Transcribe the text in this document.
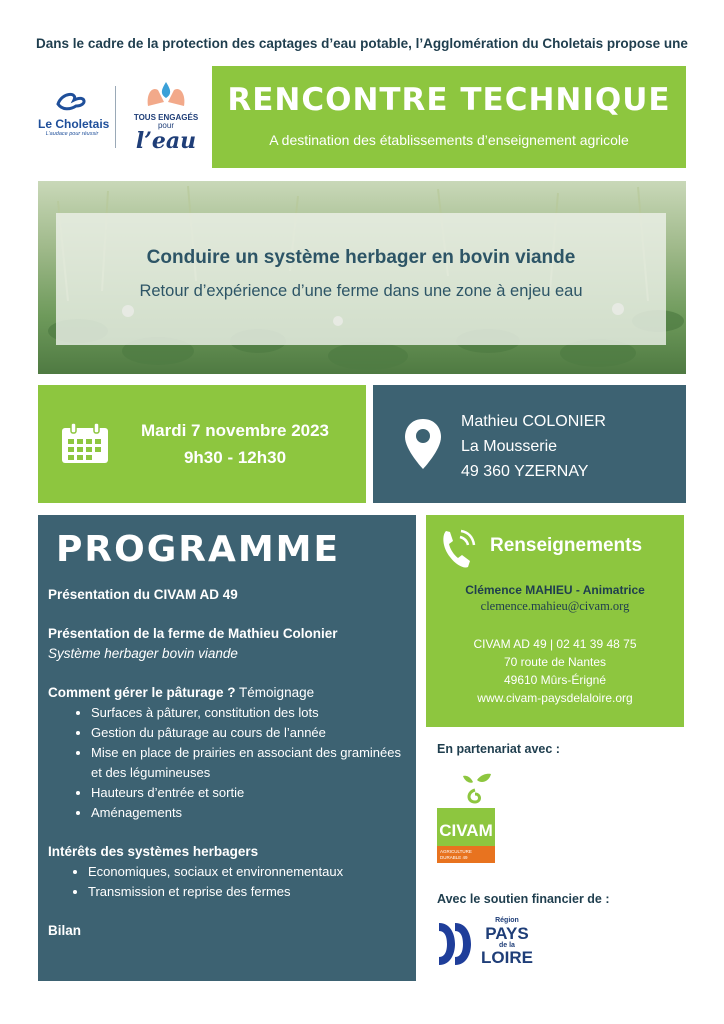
Dans le cadre de la protection des captages d’eau potable, l’Agglomération du Choletais propose une
Le Choletais
L’audace pour réussir
TOUS ENGAGÉS
pour
l’eau
RENCONTRE TECHNIQUE
A destination des établissements d’enseignement agricole
Conduire un système herbager en bovin viande
Retour d’expérience d’une ferme dans une zone à enjeu eau
Mardi 7 novembre 2023
9h30 - 12h30
Mathieu COLONIER
La Mousserie
49 360 YZERNAY
PROGRAMME

Présentation du CIVAM AD 49

Présentation de la ferme de Mathieu Colonier

Système herbager bovin viande

Comment gérer le pâturage ? Témoignage

• Surfaces à pâturer, constitution des lots
• Gestion du pâturage au cours de l’année
• Mise en place de prairies en associant des graminées et des légumineuses
• Hauteurs d’entrée et sortie
• Aménagements

Intérêts des systèmes herbagers

• Economiques, sociaux et environnementaux
• Transmission et reprise des fermes

Bilan

Renseignements
Clémence MAHIEU - Animatrice
clemence.mahieu@civam.org
CIVAM AD 49 | 02 41 39 48 75
70 route de Nantes
49610 Mûrs-Érigné
www.civam-paysdelaloire.org
En partenariat avec :
CIVAM
AGRICULTURE
DURABLE 49
Avec le soutien financier de :
Région
PAYS
de la
LOIRE
